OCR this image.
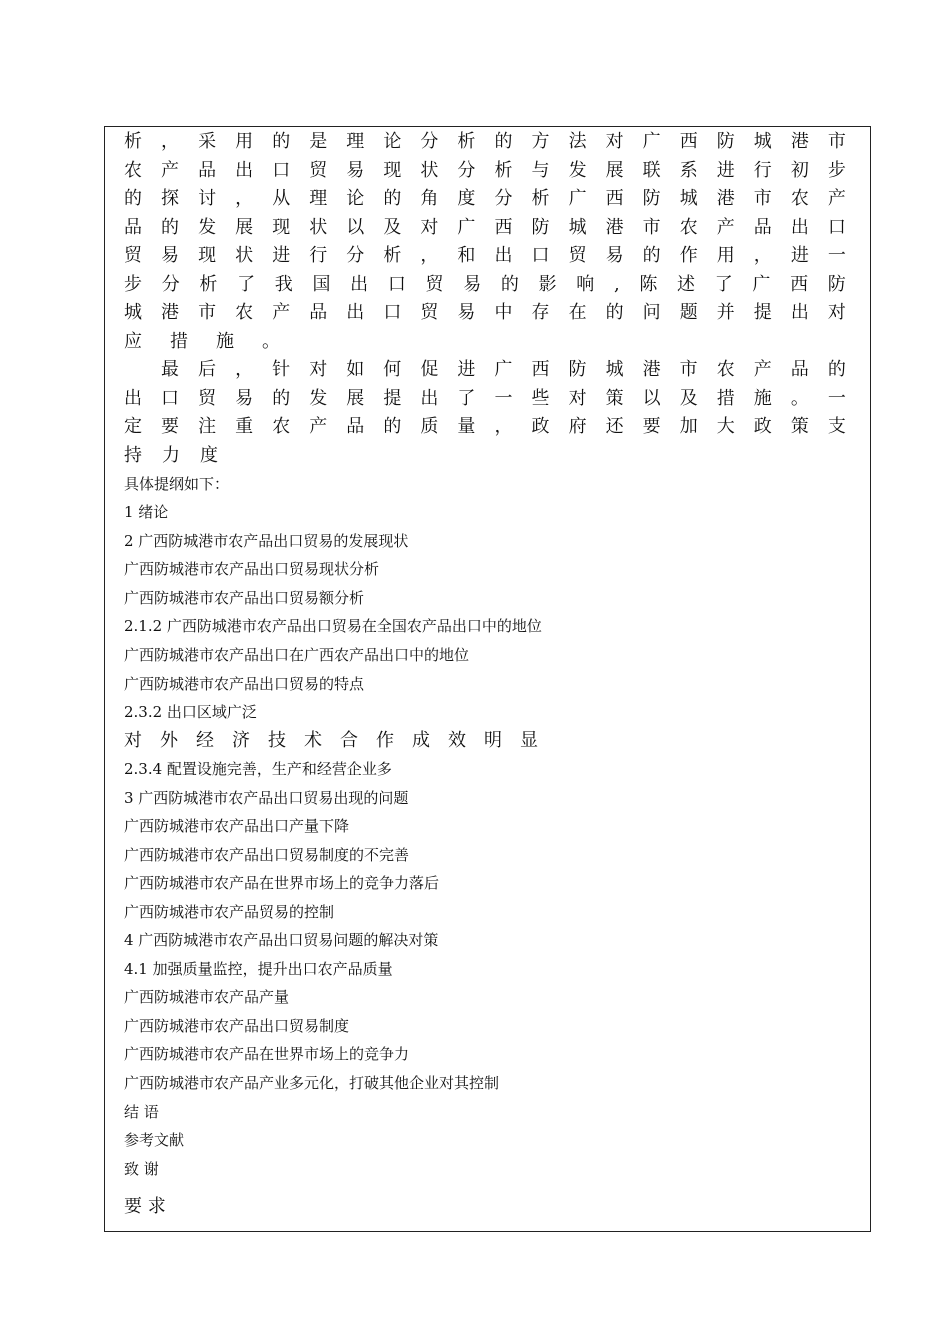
析 ， 采 用 的 是 理 论 分 析 的 方 法 对 广 西 防 城 港 市
农 产 品 出 口 贸 易 现 状 分 析 与 发 展 联 系 进 行 初 步
的 探 讨 ， 从 理 论 的 角 度 分 析 广 西 防 城 港 市 农 产
品 的 发 展 现 状 以 及 对 广 西 防 城 港 市 农 产 品 出 口
贸 易 现 状 进 行 分 析 ， 和 出 口 贸 易 的 作 用 ， 进 一
步 分 析 了 我 国 出 口 贸 易 的 影 响 , 陈 述 了 广 西 防
城 港 市 农 产 品 出 口 贸 易 中 存 在 的 问 题 并 提 出 对
应措施。
最 后 ， 针 对 如 何 促 进 广 西 防 城 港 市 农 产 品 的
出 口 贸 易 的 发 展 提 出 了 一 些 对 策 以 及 措 施 。 一
定 要 注 重 农 产 品 的 质 量 ， 政 府 还 要 加 大 政 策 支
持力度
具体提纲如下：
1 绪论
2 广西防城港市农产品出口贸易的发展现状
广西防城港市农产品出口贸易现状分析
广西防城港市农产品出口贸易额分析
2.1.2 广西防城港市农产品出口贸易在全国农产品出口中的地位
广西防城港市农产品出口在广西农产品出口中的地位
广西防城港市农产品出口贸易的特点
2.3.2 出口区域广泛
对外经济技术合作成效明显
2.3.4 配置设施完善，生产和经营企业多
3 广西防城港市农产品出口贸易出现的问题
广西防城港市农产品出口产量下降
广西防城港市农产品出口贸易制度的不完善
广西防城港市农产品在世界市场上的竞争力落后
广西防城港市农产品贸易的控制
4 广西防城港市农产品出口贸易问题的解决对策
4.1 加强质量监控，提升出口农产品质量
广西防城港市农产品产量
广西防城港市农产品出口贸易制度
广西防城港市农产品在世界市场上的竞争力
广西防城港市农产品产业多元化，打破其他企业对其控制
结 语
参考文献
致 谢
要 求
